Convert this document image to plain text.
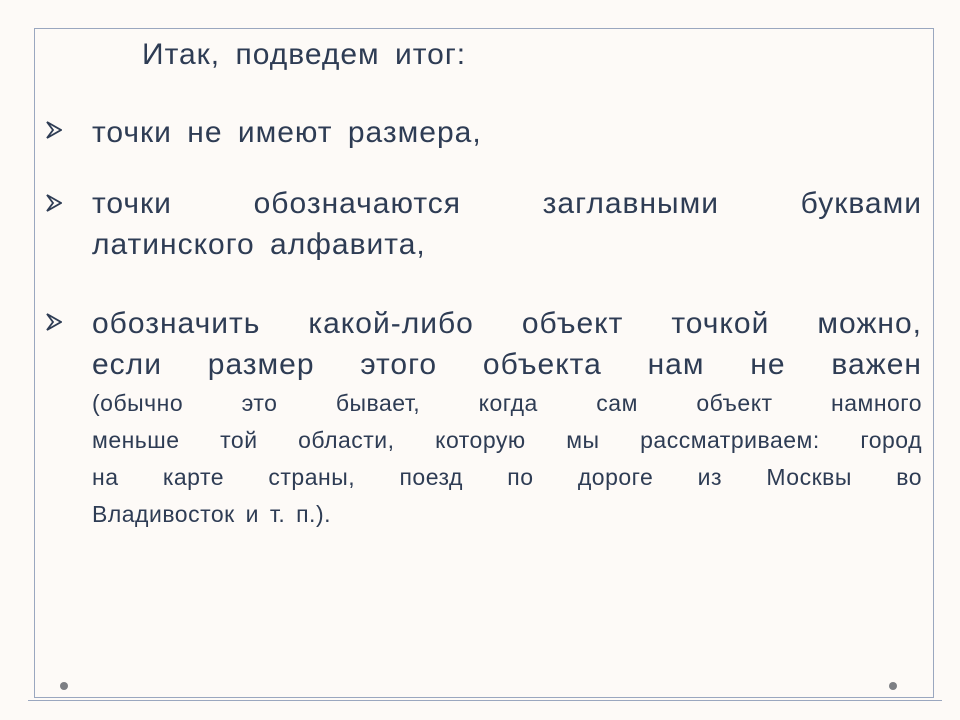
Итак, подведем итог:
точки не имеют размера,
точки обозначаются заглавными буквами
латинского алфавита,
обозначить какой-либо объект точкой можно,
если размер этого объекта нам не важен
(обычно это бывает, когда сам объект намного
меньше той области, которую мы рассматриваем: город
на карте страны, поезд по дороге из Москвы во
Владивосток и т. п.).
